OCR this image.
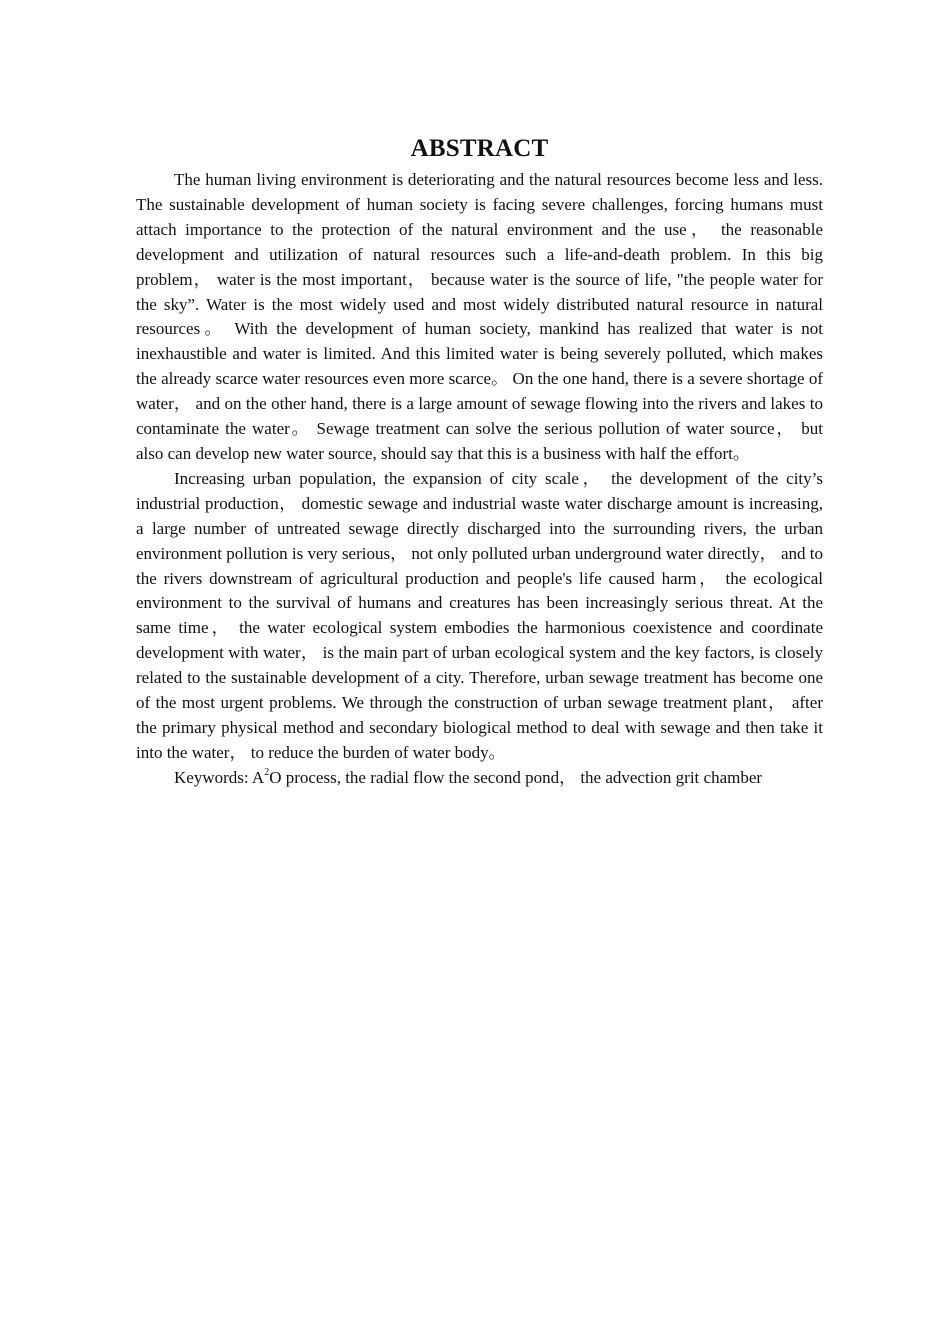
ABSTRACT

The human living environment is deteriorating and the natural resources become less and less. The sustainable development of human society is facing severe challenges, forcing humans must attach importance to the protection of the natural environment and the use， the reasonable development and utilization of natural resources such a life-and-death problem. In this big problem， water is the most important， because water is the source of life, "the people water for the sky”. Water is the most widely used and most widely distributed natural resource in natural resources。 With the development of human society, mankind has realized that water is not inexhaustible and water is limited. And this limited water is being severely polluted, which makes the already scarce water resources even more scarce。 On the one hand, there is a severe shortage of water， and on the other hand, there is a large amount of sewage flowing into the rivers and lakes to contaminate the water。 Sewage treatment can solve the serious pollution of water source， but also can develop new water source, should say that this is a business with half the effort。

Increasing urban population, the expansion of city scale， the development of the city’s industrial production， domestic sewage and industrial waste water discharge amount is increasing, a large number of untreated sewage directly discharged into the surrounding rivers, the urban environment pollution is very serious， not only polluted urban underground water directly， and to the rivers downstream of agricultural production and people's life caused harm， the ecological environment to the survival of humans and creatures has been increasingly serious threat. At the same time， the water ecological system embodies the harmonious coexistence and coordinate development with water， is the main part of urban ecological system and the key factors, is closely related to the sustainable development of a city. Therefore, urban sewage treatment has become one of the most urgent problems. We through the construction of urban sewage treatment plant， after the primary physical method and secondary biological method to deal with sewage and then take it into the water， to reduce the burden of water body。

Keywords: $A^2O$ process, the radial flow the second pond， the advection grit chamber
